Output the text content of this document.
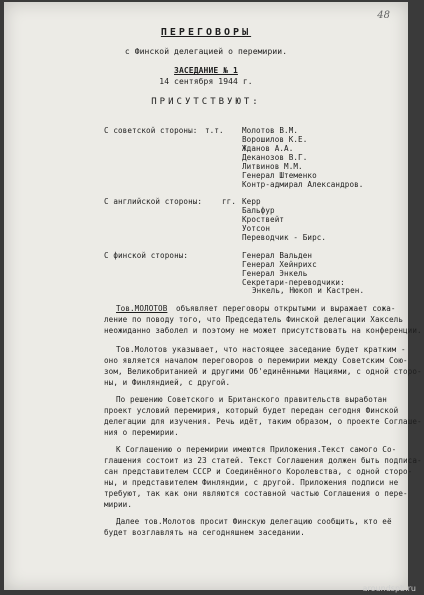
48
ПЕРЕГОВОРЫ
с Финской делегацией о перемирии.
ЗАСЕДАНИЕ № 1
14 сентября 1944 г.
ПРИСУТСТВУЮТ:
С советской стороны: т.т. Молотов В.М.
Ворошилов К.Е.
Жданов А.А.
Деканозов В.Г.
Литвинов М.М.
Генерал Штеменко
Контр-адмирал Александров.
С английской стороны:	гг. Керр
Бальфур
Кроствейт
Уотсон
Переводчик - Бирс.
С финской стороны:	Генерал Вальден
Генерал Хейнрихс
Генерал Энкель
Секретари-переводчики:
Энкель, Нюкоп и Кастрен.
Тов.МОЛОТОВ объявляет переговоры открытыми и выражает сожа-
ление по поводу того, что Председатель Финской делегации Хаксель
неожиданно заболел и поэтому не может присутствовать на конференции.
Тов.Молотов указывает, что настоящее заседание будет кратким -
оно является началом переговоров о перемирии между Советским Сою-
зом, Великобританией и другими Об'единёнными Нациями, с одной сторо-
ны, и Финляндией, с другой.
По решению Советского и Британского правительств выработан
проект условий перемирия, который будет передан сегодня Финской
делегации для изучения. Речь идёт, таким образом, о проекте Соглаше-
ния о перемирии.
К Соглашению о перемирии имеются Приложения.Текст самого Со-
глашения состоит из 23 статей. Текст Соглашения должен быть подпиcа-
сан представителем СССР и Соединённого Королевства, с одной сторо-
ны, и представителем Финляндии, с другой. Приложения подписи не
требуют, так как они являются составной частью Соглашения о пере-
мирии.
Далее тов.Молотов просит Финскую делегацию сообщить, кто её
будет возглавлять на сегодняшнем заседании.
aroundspb.ru
